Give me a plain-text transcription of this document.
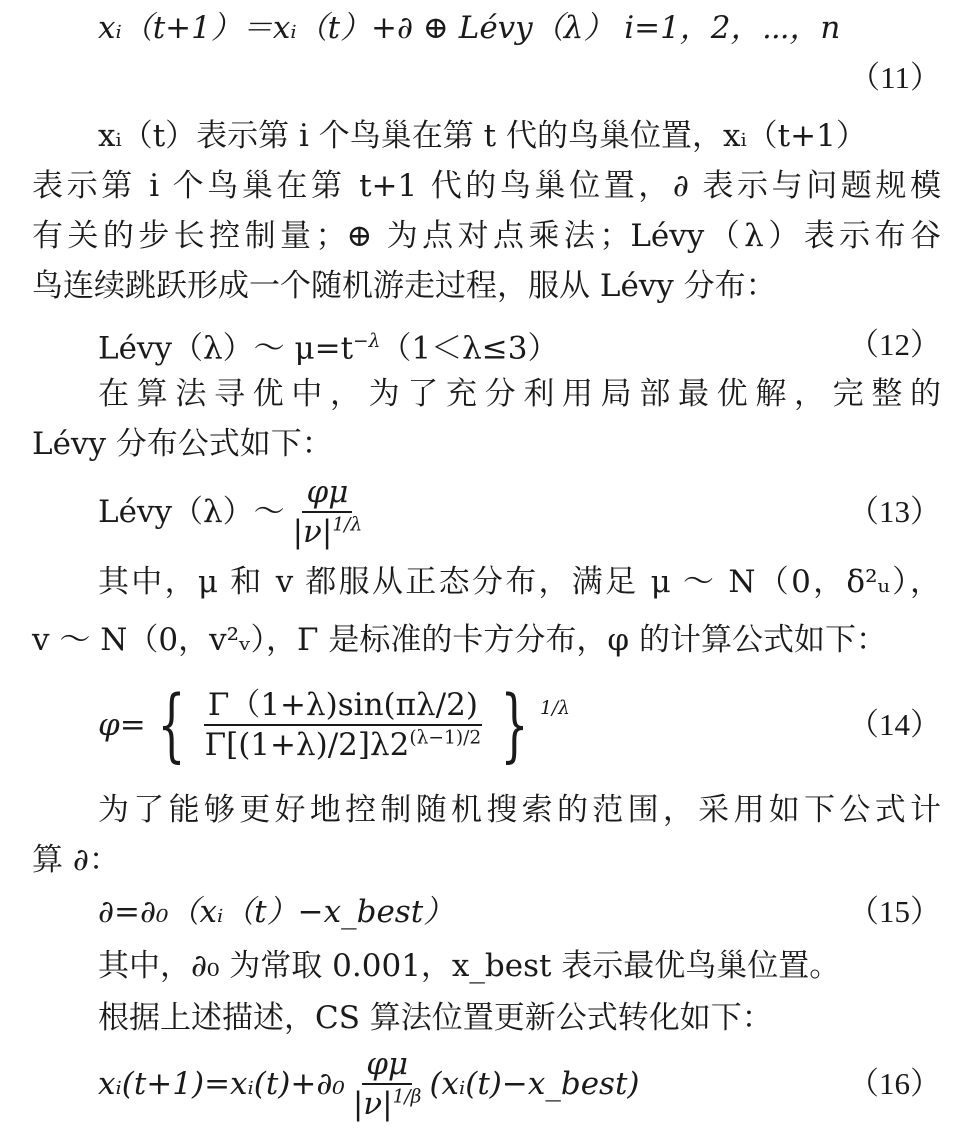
xᵢ（t+1）＝xᵢ（t）+∂ ⊕ Lévy（λ） i=1，2，⋯，n
（11）
xᵢ（t）表示第 i 个鸟巢在第 t 代的鸟巢位置，xᵢ（t+1）
表示第 i 个鸟巢在第 t+1 代的鸟巢位置，∂ 表示与问题规模
有关的步长控制量；⊕ 为点对点乘法；Lévy（λ）表示布谷
鸟连续跳跃形成一个随机游走过程，服从 Lévy 分布：
Lévy（λ）～ $\mu=t^{-\lambda}(1<\lambda\le 3)$	（12）
在算法寻优中，为了充分利用局部最优解，完整的
Lévy 分布公式如下：
Lévy（λ）～ $\frac{\varphi\mu}{|\nu|^{1/\lambda}}$	（13）
其中，μ 和 v 都服从正态分布，满足 μ ～ N（0，δ²ᵤ），
v ～ N（0，v²ᵥ），Γ 是标准的卡方分布，φ 的计算公式如下：
φ= { $\frac{\Gamma(1+\lambda)\sin(\pi\lambda/2)}{\Gamma[(1+\lambda)/2]\lambda 2^{(\lambda-1)/2}}$ } $^{1/\lambda}$	（14）
为了能够更好地控制随机搜索的范围，采用如下公式计
算 ∂：
∂=∂₀（xᵢ（t）−x_best）	（15）
其中，∂₀ 为常取 0.001，x_best 表示最优鸟巢位置。
根据上述描述，CS 算法位置更新公式转化如下：
xᵢ(t+1)=xᵢ(t)+∂₀ $\frac{\varphi\mu}{|\nu|^{1/\beta}}$ (xᵢ(t)−x_best)	（16）
